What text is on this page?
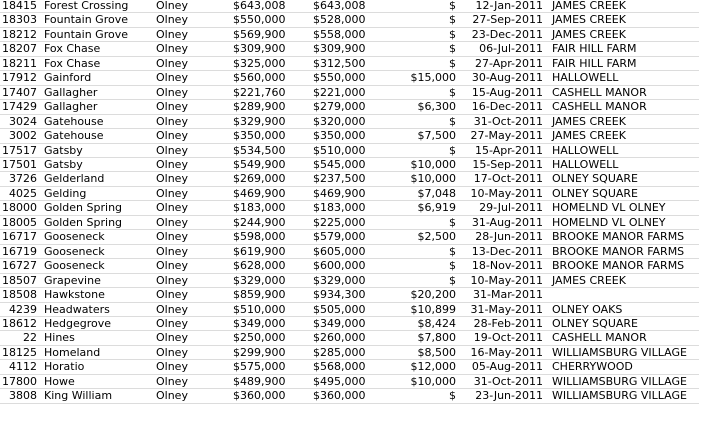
18415	Forest Crossing	Olney	$643,008	$643,008	$	12-Jan-2011	JAMES CREEK
18303	Fountain Grove	Olney	$550,000	$528,000	$	27-Sep-2011	JAMES CREEK
18212	Fountain Grove	Olney	$569,900	$558,000	$	23-Dec-2011	JAMES CREEK
18207	Fox Chase	Olney	$309,900	$309,900	$	06-Jul-2011	FAIR HILL FARM
18211	Fox Chase	Olney	$325,000	$312,500	$	27-Apr-2011	FAIR HILL FARM
17912	Gainford	Olney	$560,000	$550,000	$15,000	30-Aug-2011	HALLOWELL
17407	Gallagher	Olney	$221,760	$221,000	$	15-Aug-2011	CASHELL MANOR
17429	Gallagher	Olney	$289,900	$279,000	$6,300	16-Dec-2011	CASHELL MANOR
3024	Gatehouse	Olney	$329,900	$320,000	$	31-Oct-2011	JAMES CREEK
3002	Gatehouse	Olney	$350,000	$350,000	$7,500	27-May-2011	JAMES CREEK
17517	Gatsby	Olney	$534,500	$510,000	$	15-Apr-2011	HALLOWELL
17501	Gatsby	Olney	$549,900	$545,000	$10,000	15-Sep-2011	HALLOWELL
3726	Gelderland	Olney	$269,000	$237,500	$10,000	17-Oct-2011	OLNEY SQUARE
4025	Gelding	Olney	$469,900	$469,900	$7,048	10-May-2011	OLNEY SQUARE
18000	Golden Spring	Olney	$183,000	$183,000	$6,919	29-Jul-2011	HOMELND VL OLNEY
18005	Golden Spring	Olney	$244,900	$225,000	$	31-Aug-2011	HOMELND VL OLNEY
16717	Gooseneck	Olney	$598,000	$579,000	$2,500	28-Jun-2011	BROOKE MANOR FARMS
16719	Gooseneck	Olney	$619,900	$605,000	$	13-Dec-2011	BROOKE MANOR FARMS
16727	Gooseneck	Olney	$628,000	$600,000	$	18-Nov-2011	BROOKE MANOR FARMS
18507	Grapevine	Olney	$329,000	$329,000	$	10-May-2011	JAMES CREEK
18508	Hawkstone	Olney	$859,900	$934,300	$20,200	31-Mar-2011	
4239	Headwaters	Olney	$510,000	$505,000	$10,899	31-May-2011	OLNEY OAKS
18612	Hedgegrove	Olney	$349,000	$349,000	$8,424	28-Feb-2011	OLNEY SQUARE
22	Hines	Olney	$250,000	$260,000	$7,800	19-Oct-2011	CASHELL MANOR
18125	Homeland	Olney	$299,900	$285,000	$8,500	16-May-2011	WILLIAMSBURG VILLAGE
4112	Horatio	Olney	$575,000	$568,000	$12,000	05-Aug-2011	CHERRYWOOD
17800	Howe	Olney	$489,900	$495,000	$10,000	31-Oct-2011	WILLIAMSBURG VILLAGE
3808	King William	Olney	$360,000	$360,000	$	23-Jun-2011	WILLIAMSBURG VILLAGE
